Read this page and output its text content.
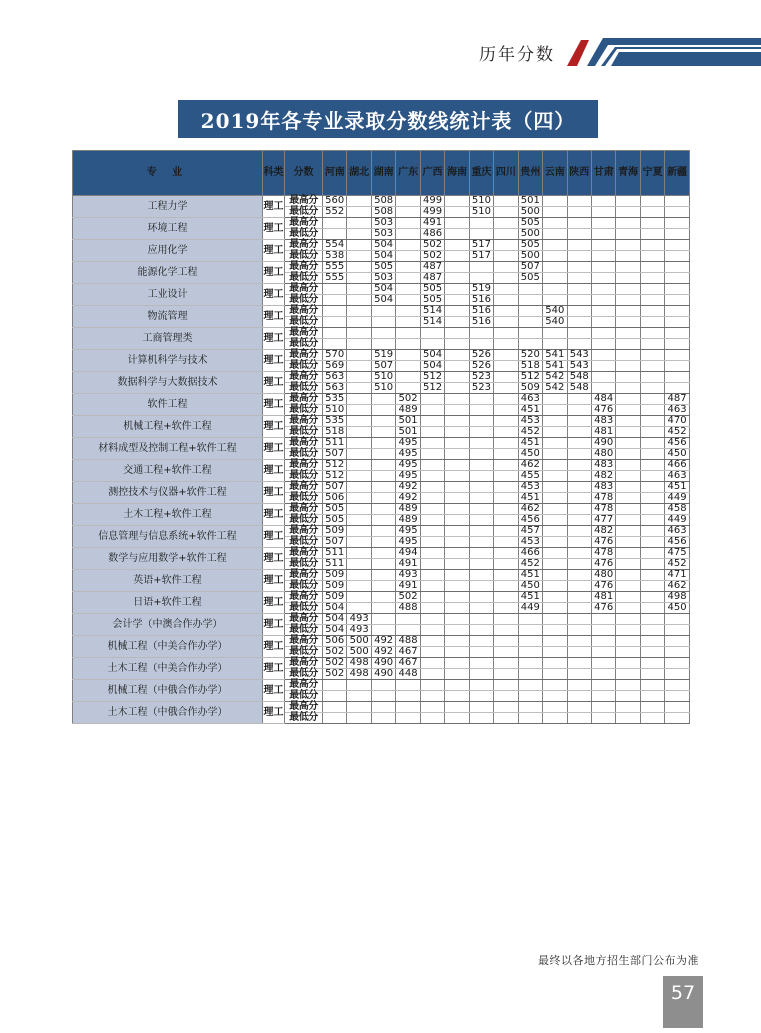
历年分数
2019年各专业录取分数线统计表（四）
专 业	科类	分数	河南	湖北	湖南	广东	广西	海南	重庆	四川	贵州	云南	陕西	甘肃	青海	宁夏	新疆

工程力学	理工	最高分	560		508		499		510		501						
		最低分	552		508		499		510		500						
环境工程	理工	最高分			503		491				505						
		最低分			503		486				500						
应用化学	理工	最高分	554		504		502		517		505						
		最低分	538		504		502		517		500						
能源化学工程	理工	最高分	555		505		487				507						
		最低分	555		503		487				505						
工业设计	理工	最高分			504		505		519								
		最低分			504		505		516								
物流管理	理工	最高分					514		516			540					
		最低分					514		516			540					
工商管理类	理工	最高分															
		最低分															
计算机科学与技术	理工	最高分	570		519		504		526		520	541	543				
		最低分	569		507		504		526		518	541	543				
数据科学与大数据技术	理工	最高分	563		510		512		523		512	542	548				
		最低分	563		510		512		523		509	542	548				
软件工程	理工	最高分	535			502					463			484			487
		最低分	510			489					451			476			463
机械工程+软件工程	理工	最高分	535			501					453			483			470
		最低分	518			501					452			481			452
材料成型及控制工程+软件工程	理工	最高分	511			495					451			490			456
		最低分	507			495					450			480			450
交通工程+软件工程	理工	最高分	512			495					462			483			466
		最低分	512			495					455			482			463
测控技术与仪器+软件工程	理工	最高分	507			492					453			483			451
		最低分	506			492					451			478			449
土木工程+软件工程	理工	最高分	505			489					462			478			458
		最低分	505			489					456			477			449
信息管理与信息系统+软件工程	理工	最高分	509			495					457			482			463
		最低分	507			495					453			476			456
数学与应用数学+软件工程	理工	最高分	511			494					466			478			475
		最低分	511			491					452			476			452
英语+软件工程	理工	最高分	509			493					451			480			471
		最低分	509			491					450			476			462
日语+软件工程	理工	最高分	509			502					451			481			498
		最低分	504			488					449			476			450
会计学（中澳合作办学）	理工	最高分	504	493													
		最低分	504	493													
机械工程（中美合作办学）	理工	最高分	506	500	492	488											
		最低分	502	500	492	467											
土木工程（中美合作办学）	理工	最高分	502	498	490	467											
		最低分	502	498	490	448											
机械工程（中俄合作办学）	理工	最高分															
		最低分															
土木工程（中俄合作办学）	理工	最高分															
		最低分															
最终以各地方招生部门公布为准
57
